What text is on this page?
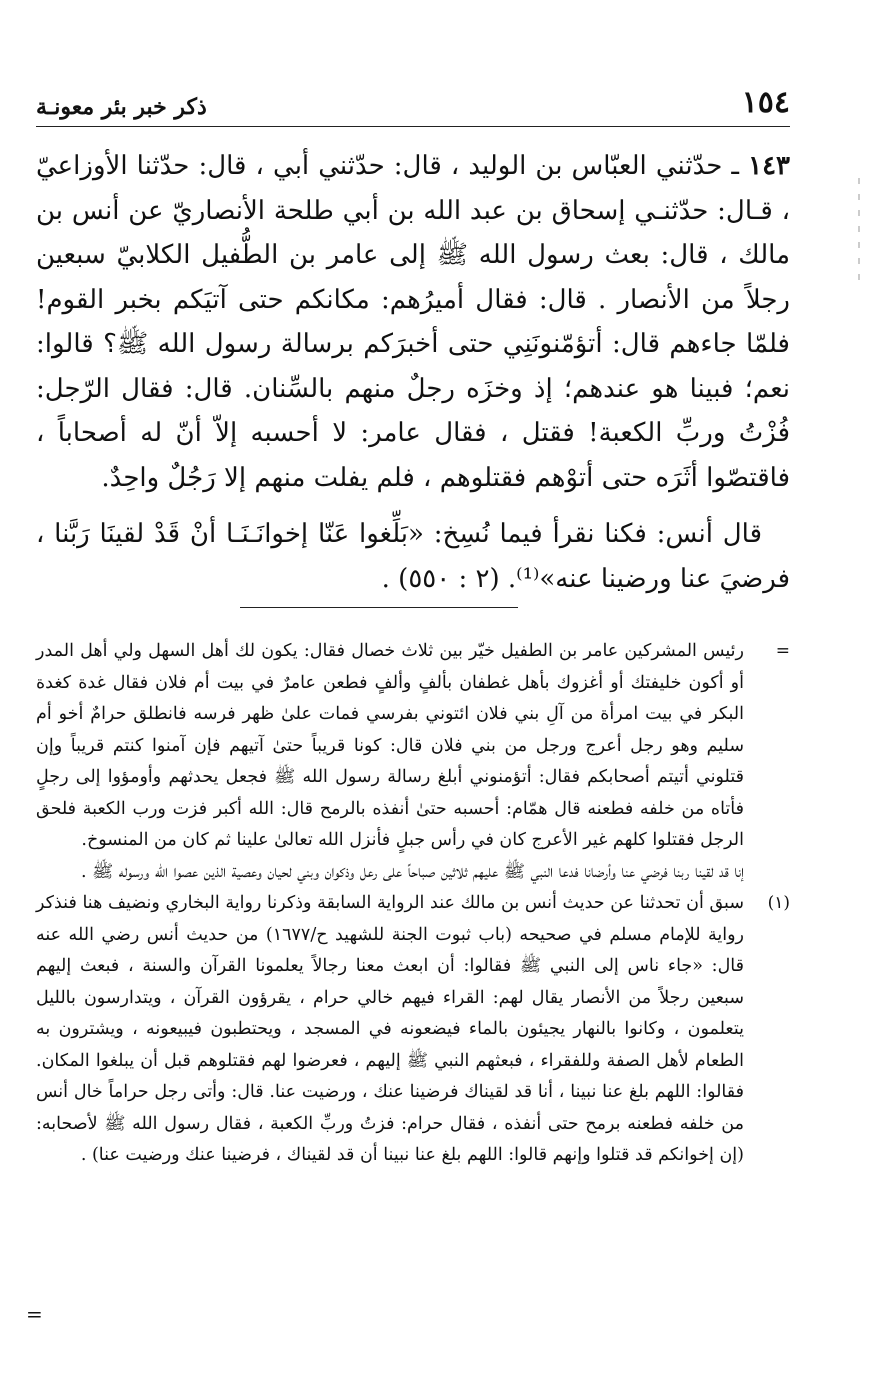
١٥٤
ذكر خبر بئر معونـة

١٤٣ ـ حدّثني العبّاس بن الوليد ، قال: حدّثني أبي ، قال: حدّثنا الأوزاعيّ ، قـال: حدّثنـي إسحاق بن عبد الله بن أبي طلحة الأنصاريّ عن أنس بن مالك ، قال: بعث رسول الله ﷺ إلى عامر بن الطُّفيل الكلابيّ سبعين رجلاً من الأنصار . قال: فقال أميرُهم: مكانكم حتى آتيَكم بخبر القوم! فلمّا جاءهم قال: أتؤمّنونَنِي حتى أخبرَكم برسالة رسول الله ﷺ؟ قالوا: نعم؛ فبينا هو عندهم؛ إذ وخزَه رجلٌ منهم بالسِّنان. قال: فقال الرّجل: فُزْتُ وربِّ الكعبة! فقتل ، فقال عامر: لا أحسبه إلاّ أنّ له أصحاباً ، فاقتصّوا أثَرَه حتى أتوْهم فقتلوهم ، فلم يفلت منهم إلا رَجُلٌ واحِدٌ.

قال أنس: فكنا نقرأ فيما نُسِخ: «بَلِّغوا عَنّا إخوانَـنَـا أنْ قَدْ لقينَا رَبَّنا ، فرضيَ عنا ورضينا عنه»⁽¹⁾. (٢ : ٥٥٠) .

=

رئيس المشركين عامر بن الطفيل خيّر بين ثلاث خصال فقال: يكون لك أهل السهل ولي أهل المدر أو أكون خليفتك أو أغزوك بأهل غطفان بألفٍ وألفٍ فطعن عامرٌ في بيت أم فلان فقال غدة كغدة البكر في بيت امرأة من آلِ بني فلان ائتوني بفرسي فمات علىٰ ظهر فرسه فانطلق حرامٌ أخو أم سليم وهو رجل أعرج ورجل من بني فلان قال: كونا قريباً حتىٰ آتيهم فإن آمنوا كنتم قريباً وإن قتلوني أتيتم أصحابكم فقال: أتؤمنوني أبلغ رسالة رسول الله ﷺ فجعل يحدثهم وأومؤوا إلى رجلٍ فأتاه من خلفه فطعنه قال همّام: أحسبه حتىٰ أنفذه بالرمح قال: الله أكبر فزت ورب الكعبة فلحق الرجل فقتلوا كلهم غير الأعرج كان في رأس جبلٍ فأنزل الله تعالىٰ علينا ثم كان من المنسوخ.

إنا قد لقينا ربنا فرضي عنا وأرضانا فدعا النبي ﷺ عليهم ثلاثين صباحاً على رعل وذكوان وبني لحيان وعصية الذين عصوا الله ورسوله ﷺ .

(١)
سبق أن تحدثنا عن حديث أنس بن مالك عند الرواية السابقة وذكرنا رواية البخاري ونضيف هنا فنذكر رواية للإمام مسلم في صحيحه (باب ثبوت الجنة للشهيد ح/١٦٧٧) من حديث أنس رضي الله عنه قال: «جاء ناس إلى النبي ﷺ فقالوا: أن ابعث معنا رجالاً يعلمونا القرآن والسنة ، فبعث إليهم سبعين رجلاً من الأنصار يقال لهم: القراء فيهم خالي حرام ، يقرؤون القرآن ، ويتدارسون بالليل يتعلمون ، وكانوا بالنهار يجيئون بالماء فيضعونه في المسجد ، ويحتطبون فيبيعونه ، ويشترون به الطعام لأهل الصفة وللفقراء ، فبعثهم النبي ﷺ إليهم ، فعرضوا لهم فقتلوهم قبل أن يبلغوا المكان. فقالوا: اللهم بلغ عنا نبينا ، أنا قد لقيناك فرضينا عنك ، ورضيت عنا. قال: وأتى رجل حراماً خال أنس من خلفه فطعنه برمح حتى أنفذه ، فقال حرام: فزتُ وربِّ الكعبة ، فقال رسول الله ﷺ لأصحابه: (إن إخوانكم قد قتلوا وإنهم قالوا: اللهم بلغ عنا نبينا أن قد لقيناك ، فرضينا عنك ورضيت عنا) .
=
